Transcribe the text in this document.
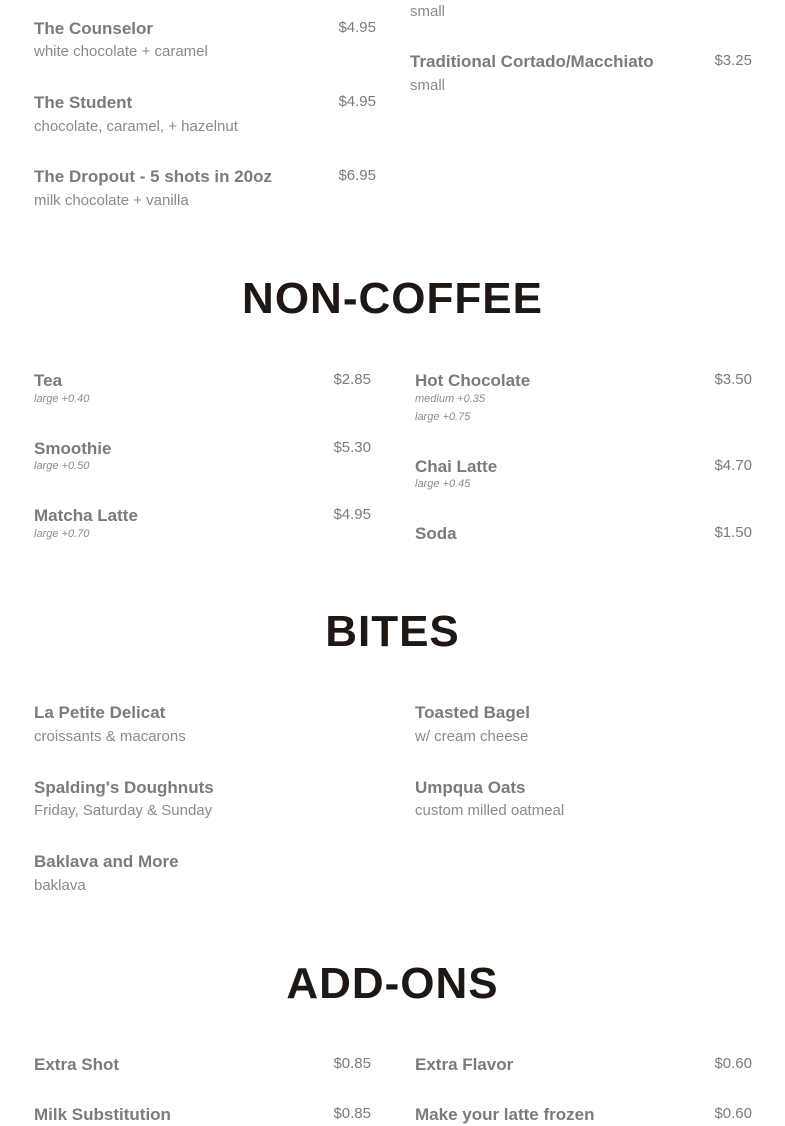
small
The Counselor	$4.95
white chocolate + caramel
The Student	$4.95
chocolate, caramel, + hazelnut
The Dropout - 5 shots in 20oz	$6.95
milk chocolate + vanilla
Traditional Cortado/Macchiato	$3.25
small
NON-COFFEE
Tea	$2.85
large +0.40
Smoothie	$5.30
large +0.50
Matcha Latte	$4.95
large +0.70
Hot Chocolate	$3.50
medium +0.35
large +0.75
Chai Latte	$4.70
large +0.45
Soda	$1.50
BITES
La Petite Delicat
croissants & macarons
Spalding's Doughnuts
Friday, Saturday & Sunday
Baklava and More
baklava
Toasted Bagel
w/ cream cheese
Umpqua Oats
custom milled oatmeal
ADD-ONS
Extra Shot	$0.85
Milk Substitution	$0.85
Extra Flavor	$0.60
Make your latte frozen	$0.60
